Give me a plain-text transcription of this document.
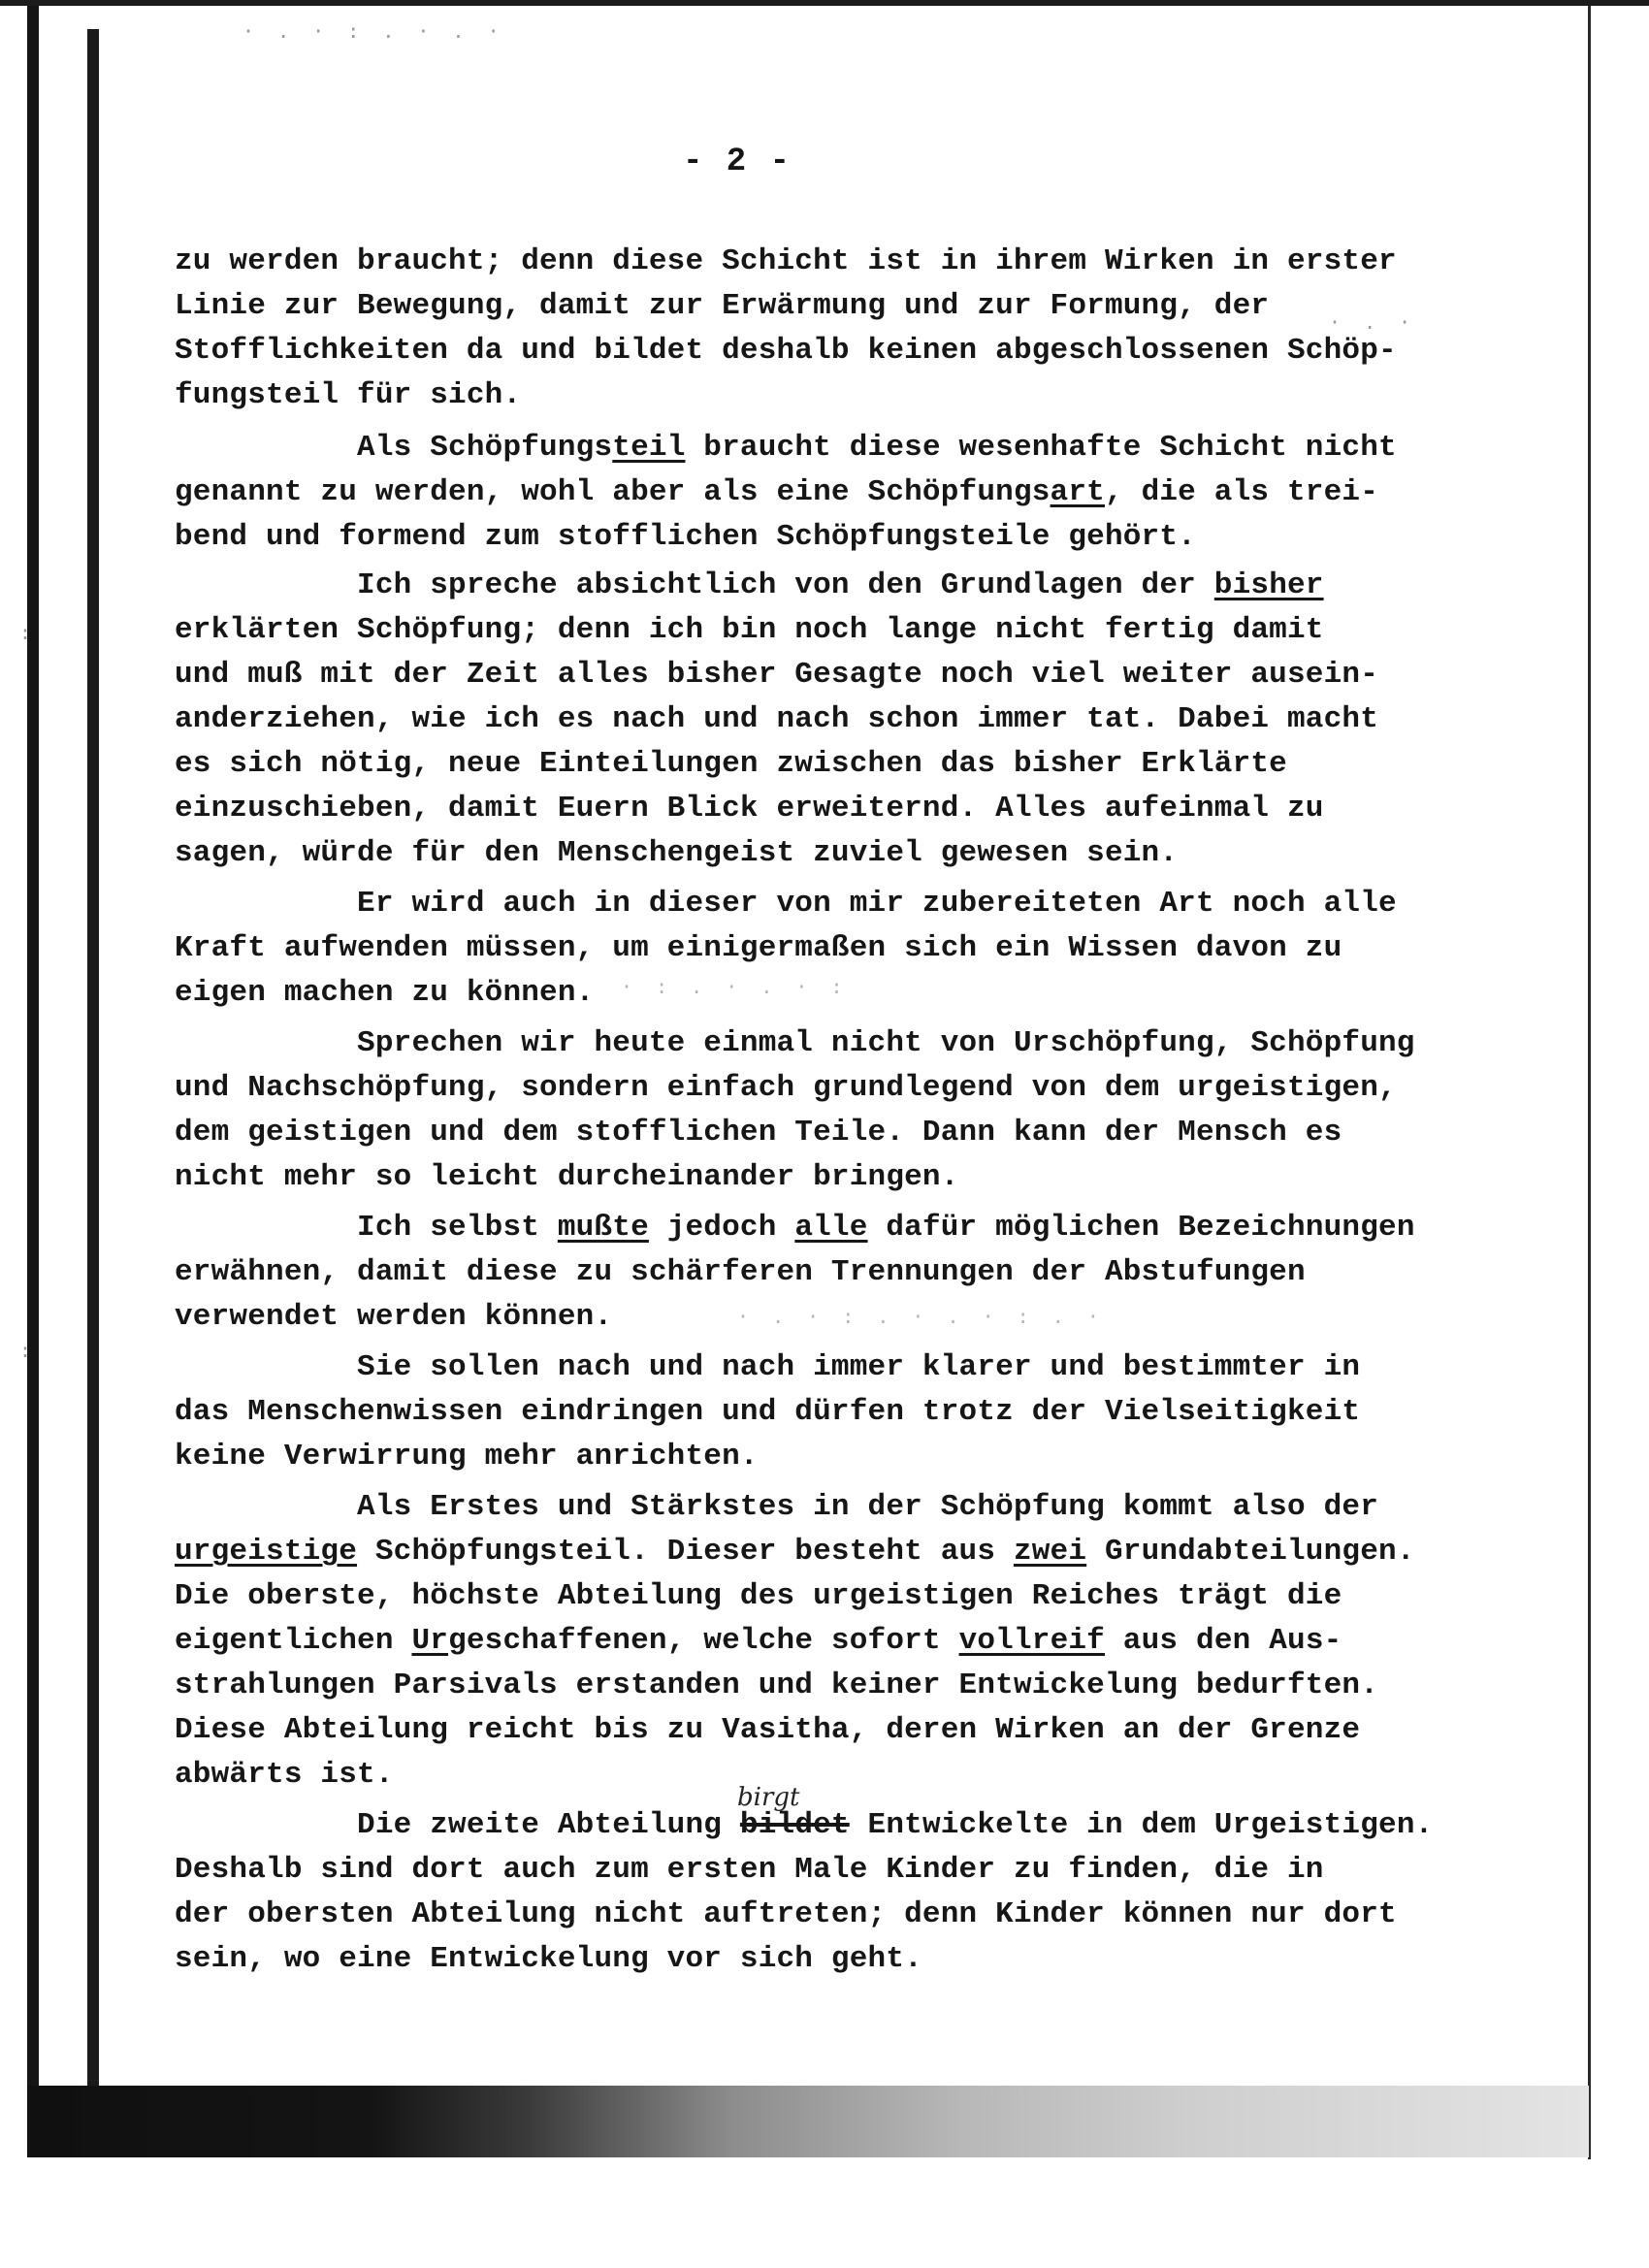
· . · : . · . ·
· . ·
:
:
· : . · . · :
· . · : . · . · : . ·
- 2 -
zu werden braucht; denn diese Schicht ist in ihrem Wirken in erster
Linie zur Bewegung, damit zur Erwärmung und zur Formung, der
Stofflichkeiten da und bildet deshalb keinen abgeschlossenen Schöp-
fungsteil für sich.
Als Schöpfungsteil braucht diese wesenhafte Schicht nicht
genannt zu werden, wohl aber als eine Schöpfungsart, die als trei-
bend und formend zum stofflichen Schöpfungsteile gehört.
Ich spreche absichtlich von den Grundlagen der bisher
erklärten Schöpfung; denn ich bin noch lange nicht fertig damit
und muß mit der Zeit alles bisher Gesagte noch viel weiter ausein-
anderziehen, wie ich es nach und nach schon immer tat. Dabei macht
es sich nötig, neue Einteilungen zwischen das bisher Erklärte
einzuschieben, damit Euern Blick erweiternd. Alles aufeinmal zu
sagen, würde für den Menschengeist zuviel gewesen sein.
Er wird auch in dieser von mir zubereiteten Art noch alle
Kraft aufwenden müssen, um einigermaßen sich ein Wissen davon zu
eigen machen zu können.
Sprechen wir heute einmal nicht von Urschöpfung, Schöpfung
und Nachschöpfung, sondern einfach grundlegend von dem urgeistigen,
dem geistigen und dem stofflichen Teile. Dann kann der Mensch es
nicht mehr so leicht durcheinander bringen.
Ich selbst mußte jedoch alle dafür möglichen Bezeichnungen
erwähnen, damit diese zu schärferen Trennungen der Abstufungen
verwendet werden können.
Sie sollen nach und nach immer klarer und bestimmter in
das Menschenwissen eindringen und dürfen trotz der Vielseitigkeit
keine Verwirrung mehr anrichten.
Als Erstes und Stärkstes in der Schöpfung kommt also der
urgeistige Schöpfungsteil. Dieser besteht aus zwei Grundabteilungen.
Die oberste, höchste Abteilung des urgeistigen Reiches trägt die
eigentlichen Urgeschaffenen, welche sofort vollreif aus den Aus-
strahlungen Parsivals erstanden und keiner Entwickelung bedurften.
Diese Abteilung reicht bis zu Vasitha, deren Wirken an der Grenze
abwärts ist.
birgt
Die zweite Abteilung bildet Entwickelte in dem Urgeistigen.
Deshalb sind dort auch zum ersten Male Kinder zu finden, die in
der obersten Abteilung nicht auftreten; denn Kinder können nur dort
sein, wo eine Entwickelung vor sich geht.
